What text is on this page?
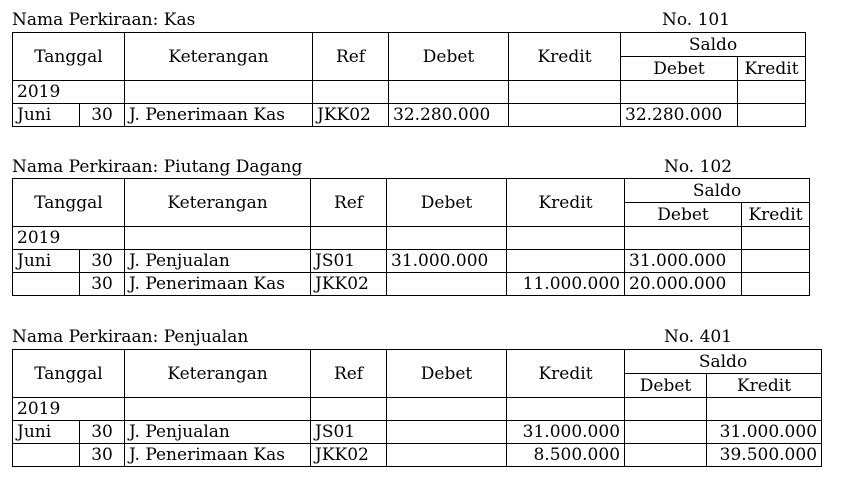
Nama Perkiraan: Kas	No. 101
Tanggal		Keterangan	Ref	Debet	Kredit	Saldo	
						Debet	Kredit
2019							
Juni	30	J. Penerimaan Kas	JKK02	32.280.000		32.280.000	
Nama Perkiraan: Piutang Dagang	No. 102
Tanggal		Keterangan	Ref	Debet	Kredit	Saldo	
						Debet	Kredit
2019							
Juni	30	J. Penjualan	JS01	31.000.000		31.000.000	
	30	J. Penerimaan Kas	JKK02		11.000.000	20.000.000	
Nama Perkiraan: Penjualan	No. 401
Tanggal		Keterangan	Ref	Debet	Kredit	Saldo	
						Debet	Kredit
2019							
Juni	30	J. Penjualan	JS01		31.000.000		31.000.000
	30	J. Penerimaan Kas	JKK02		8.500.000		39.500.000
